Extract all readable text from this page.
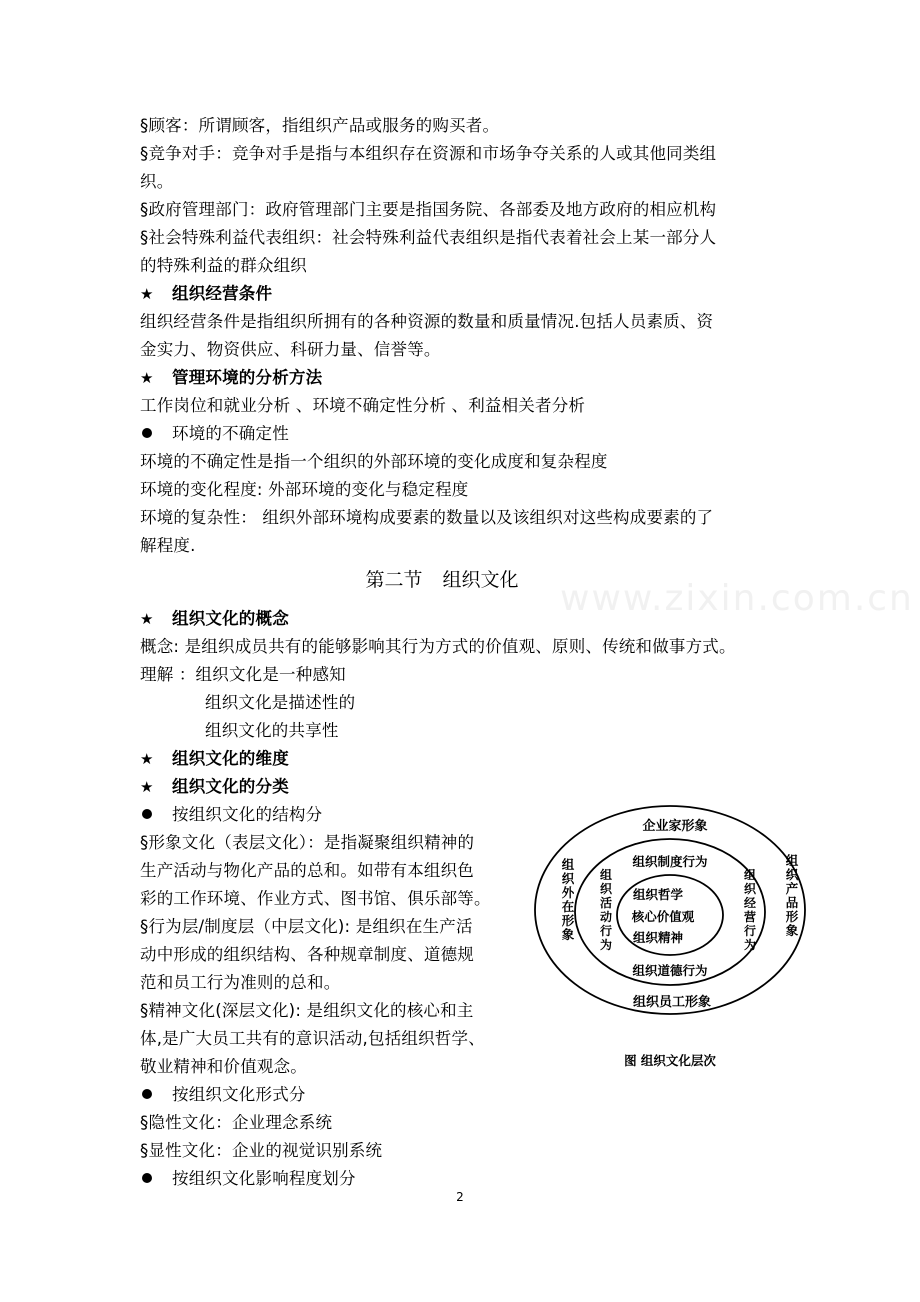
www.zixin.com.cn
§顾客：所谓顾客，指组织产品或服务的购买者。
§竞争对手：竞争对手是指与本组织存在资源和市场争夺关系的人或其他同类组
织。
§政府管理部门：政府管理部门主要是指国务院、各部委及地方政府的相应机构
§社会特殊利益代表组织：社会特殊利益代表组织是指代表着社会上某一部分人
的特殊利益的群众组织
★ 组织经营条件
组织经营条件是指组织所拥有的各种资源的数量和质量情况.包括人员素质、资
金实力、物资供应、科研力量、信誉等。
★ 管理环境的分析方法
工作岗位和就业分析 、环境不确定性分析 、利益相关者分析
环境的不确定性
环境的不确定性是指一个组织的外部环境的变化成度和复杂程度
环境的变化程度: 外部环境的变化与稳定程度
环境的复杂性： 组织外部环境构成要素的数量以及该组织对这些构成要素的了
解程度.
第二节 组织文化
★ 组织文化的概念
概念: 是组织成员共有的能够影响其行为方式的价值观、原则、传统和做事方式。
理解 ：组织文化是一种感知
组织文化是描述性的
组织文化的共享性
★ 组织文化的维度
★ 组织文化的分类
按组织文化的结构分
§形象文化（表层文化）：是指凝聚组织精神的
生产活动与物化产品的总和。如带有本组织色
彩的工作环境、作业方式、图书馆、俱乐部等。
§行为层/制度层（中层文化): 是组织在生产活
动中形成的组织结构、各种规章制度、道德规
范和员工行为准则的总和。
§精神文化(深层文化): 是组织文化的核心和主
体,是广大员工共有的意识活动,包括组织哲学、
敬业精神和价值观念。
按组织文化形式分
§隐性文化：企业理念系统
§显性文化：企业的视觉识别系统
按组织文化影响程度划分
企业家形象
组织员工形象
组织外在形象
组织产品形象
组织制度行为
组织道德行为
组织活动行为
组织经营行为
组织哲学
核心价值观
组织精神
图 组织文化层次
2
